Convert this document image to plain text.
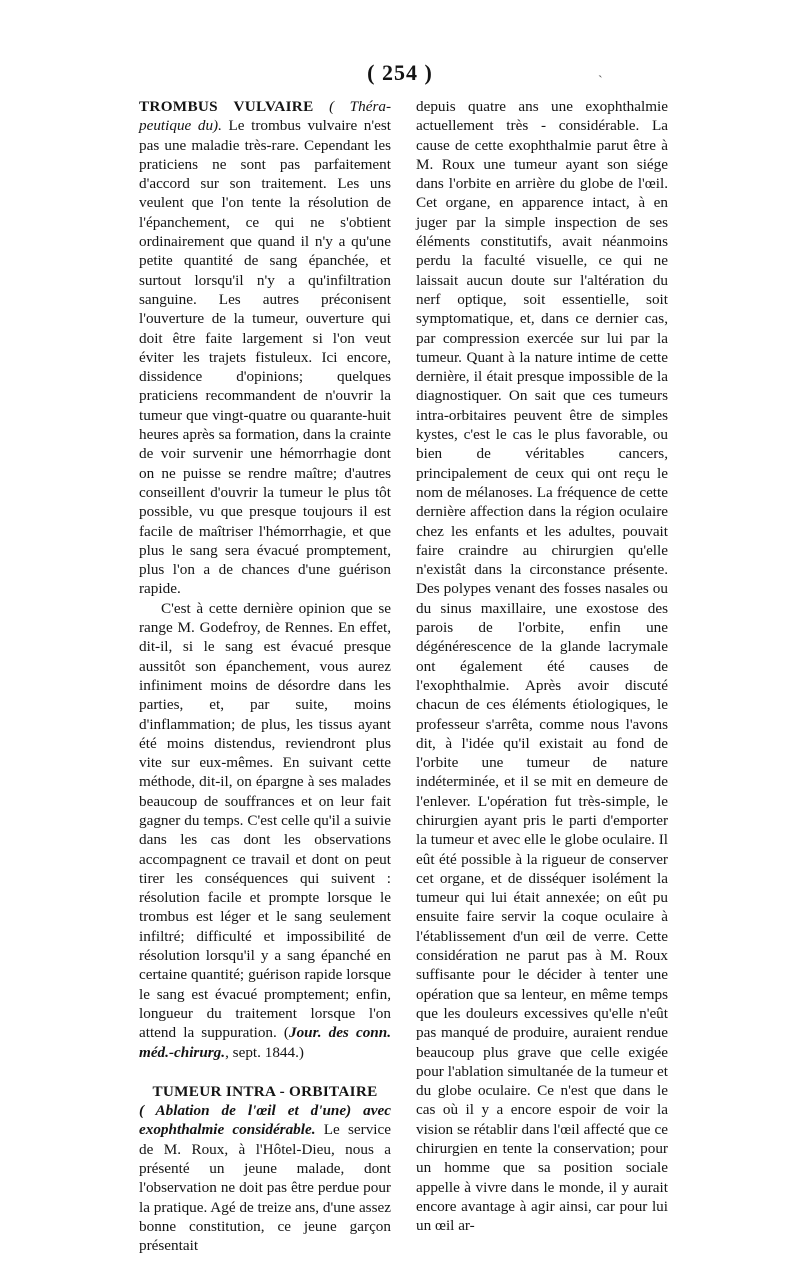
( 254 )	`

TROMBUS VULVAIRE ( Théra-peutique du). Le trombus vulvaire n'est pas une maladie très-rare. Cependant les praticiens ne sont pas parfaitement d'accord sur son traitement. Les uns veulent que l'on tente la résolution de l'épanchement, ce qui ne s'obtient ordinairement que quand il n'y a qu'une petite quantité de sang épanchée, et surtout lorsqu'il n'y a qu'infiltration sanguine. Les autres préconisent l'ouverture de la tumeur, ouverture qui doit être faite largement si l'on veut éviter les trajets fistuleux. Ici encore, dissidence d'opinions; quelques praticiens recommandent de n'ouvrir la tumeur que vingt-quatre ou quarante-huit heures après sa formation, dans la crainte de voir survenir une hémorrhagie dont on ne puisse se rendre maître; d'autres conseillent d'ouvrir la tumeur le plus tôt possible, vu que presque toujours il est facile de maîtriser l'hémorrhagie, et que plus le sang sera évacué promptement, plus l'on a de chances d'une guérison rapide.

C'est à cette dernière opinion que se range M. Godefroy, de Rennes. En effet, dit-il, si le sang est évacué presque aussitôt son épanchement, vous aurez infiniment moins de désordre dans les parties, et, par suite, moins d'inflammation; de plus, les tissus ayant été moins distendus, reviendront plus vite sur eux-mêmes. En suivant cette méthode, dit-il, on épargne à ses malades beaucoup de souffrances et on leur fait gagner du temps. C'est celle qu'il a suivie dans les cas dont les observations accompagnent ce travail et dont on peut tirer les conséquences qui suivent : résolution facile et prompte lorsque le trombus est léger et le sang seulement infiltré; difficulté et impossibilité de résolution lorsqu'il y a sang épanché en certaine quantité; guérison rapide lorsque le sang est évacué promptement; enfin, longueur du traitement lorsque l'on attend la suppuration. (Jour. des conn. méd.-chirurg., sept. 1844.)

TUMEUR INTRA - ORBITAIRE

( Ablation de l'œil et d'une) avec exophthalmie considérable. Le service de M. Roux, à l'Hôtel-Dieu, nous a présenté un jeune malade, dont l'observation ne doit pas être perdue pour la pratique. Agé de treize ans, d'une assez bonne constitution, ce jeune garçon présentait

depuis quatre ans une exophthalmie actuellement très - considérable. La cause de cette exophthalmie parut être à M. Roux une tumeur ayant son siége dans l'orbite en arrière du globe de l'œil. Cet organe, en apparence intact, à en juger par la simple inspection de ses éléments constitutifs, avait néanmoins perdu la faculté visuelle, ce qui ne laissait aucun doute sur l'altération du nerf optique, soit essentielle, soit symptomatique, et, dans ce dernier cas, par compression exercée sur lui par la tumeur. Quant à la nature intime de cette dernière, il était presque impossible de la diagnostiquer. On sait que ces tumeurs intra-orbitaires peuvent être de simples kystes, c'est le cas le plus favorable, ou bien de véritables cancers, principalement de ceux qui ont reçu le nom de mélanoses. La fréquence de cette dernière affection dans la région oculaire chez les enfants et les adultes, pouvait faire craindre au chirurgien qu'elle n'existât dans la circonstance présente. Des polypes venant des fosses nasales ou du sinus maxillaire, une exostose des parois de l'orbite, enfin une dégénérescence de la glande lacrymale ont également été causes de l'exophthalmie. Après avoir discuté chacun de ces éléments étiologiques, le professeur s'arrêta, comme nous l'avons dit, à l'idée qu'il existait au fond de l'orbite une tumeur de nature indéterminée, et il se mit en demeure de l'enlever. L'opération fut très-simple, le chirurgien ayant pris le parti d'emporter la tumeur et avec elle le globe oculaire. Il eût été possible à la rigueur de conserver cet organe, et de disséquer isolément la tumeur qui lui était annexée; on eût pu ensuite faire servir la coque oculaire à l'établissement d'un œil de verre. Cette considération ne parut pas à M. Roux suffisante pour le décider à tenter une opération que sa lenteur, en même temps que les douleurs excessives qu'elle n'eût pas manqué de produire, auraient rendue beaucoup plus grave que celle exigée pour l'ablation simultanée de la tumeur et du globe oculaire. Ce n'est que dans le cas où il y a encore espoir de voir la vision se rétablir dans l'œil affecté que ce chirurgien en tente la conservation; pour un homme que sa position sociale appelle à vivre dans le monde, il y aurait encore avantage à agir ainsi, car pour lui un œil ar-
